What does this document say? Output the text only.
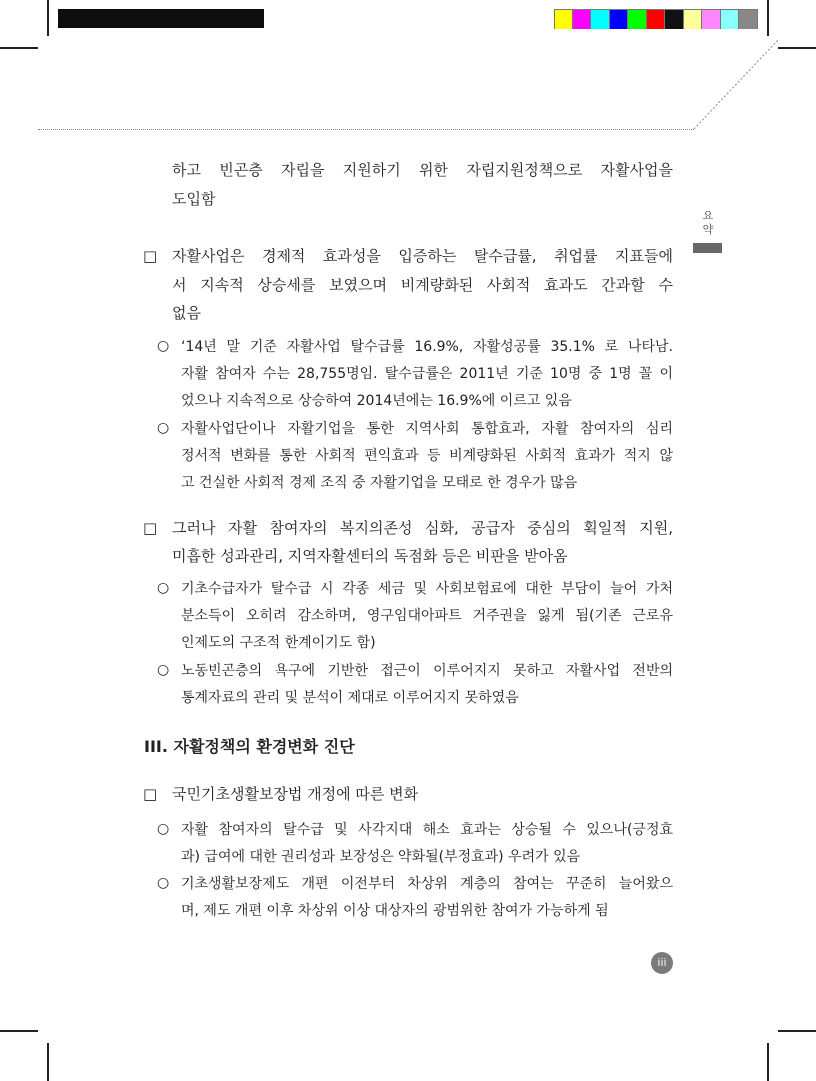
요
약
하고 빈곤층 자립을 지원하기 위한 자립지원정책으로 자활사업을
도입함
□ 자활사업은 경제적 효과성을 입증하는 탈수급률, 취업률 지표들에
서 지속적 상승세를 보였으며 비계량화된 사회적 효과도 간과할 수
없음
○ ‘14년 말 기준 자활사업 탈수급률 16.9%, 자활성공률 35.1% 로 나타남.
자활 참여자 수는 28,755명임. 탈수급률은 2011년 기준 10명 중 1명 꼴 이
었으나 지속적으로 상승하여 2014년에는 16.9%에 이르고 있음
○ 자활사업단이나 자활기업을 통한 지역사회 통합효과, 자활 참여자의 심리
정서적 변화를 통한 사회적 편익효과 등 비계량화된 사회적 효과가 적지 않
고 건실한 사회적 경제 조직 중 자활기업을 모태로 한 경우가 많음
□ 그러나 자활 참여자의 복지의존성 심화, 공급자 중심의 획일적 지원,
미흡한 성과관리, 지역자활센터의 독점화 등은 비판을 받아옴
○ 기초수급자가 탈수급 시 각종 세금 및 사회보험료에 대한 부담이 늘어 가처
분소득이 오히려 감소하며, 영구임대아파트 거주권을 잃게 됨(기존 근로유
인제도의 구조적 한계이기도 함)
○ 노동빈곤층의 욕구에 기반한 접근이 이루어지지 못하고 자활사업 전반의
통계자료의 관리 및 분석이 제대로 이루어지지 못하였음
III. 자활정책의 환경변화 진단
□ 국민기초생활보장법 개정에 따른 변화
○ 자활 참여자의 탈수급 및 사각지대 해소 효과는 상승될 수 있으나(긍정효
과) 급여에 대한 권리성과 보장성은 약화될(부정효과) 우려가 있음
○ 기초생활보장제도 개편 이전부터 차상위 계층의 참여는 꾸준히 늘어왔으
며, 제도 개편 이후 차상위 이상 대상자의 광범위한 참여가 가능하게 됨
iii
